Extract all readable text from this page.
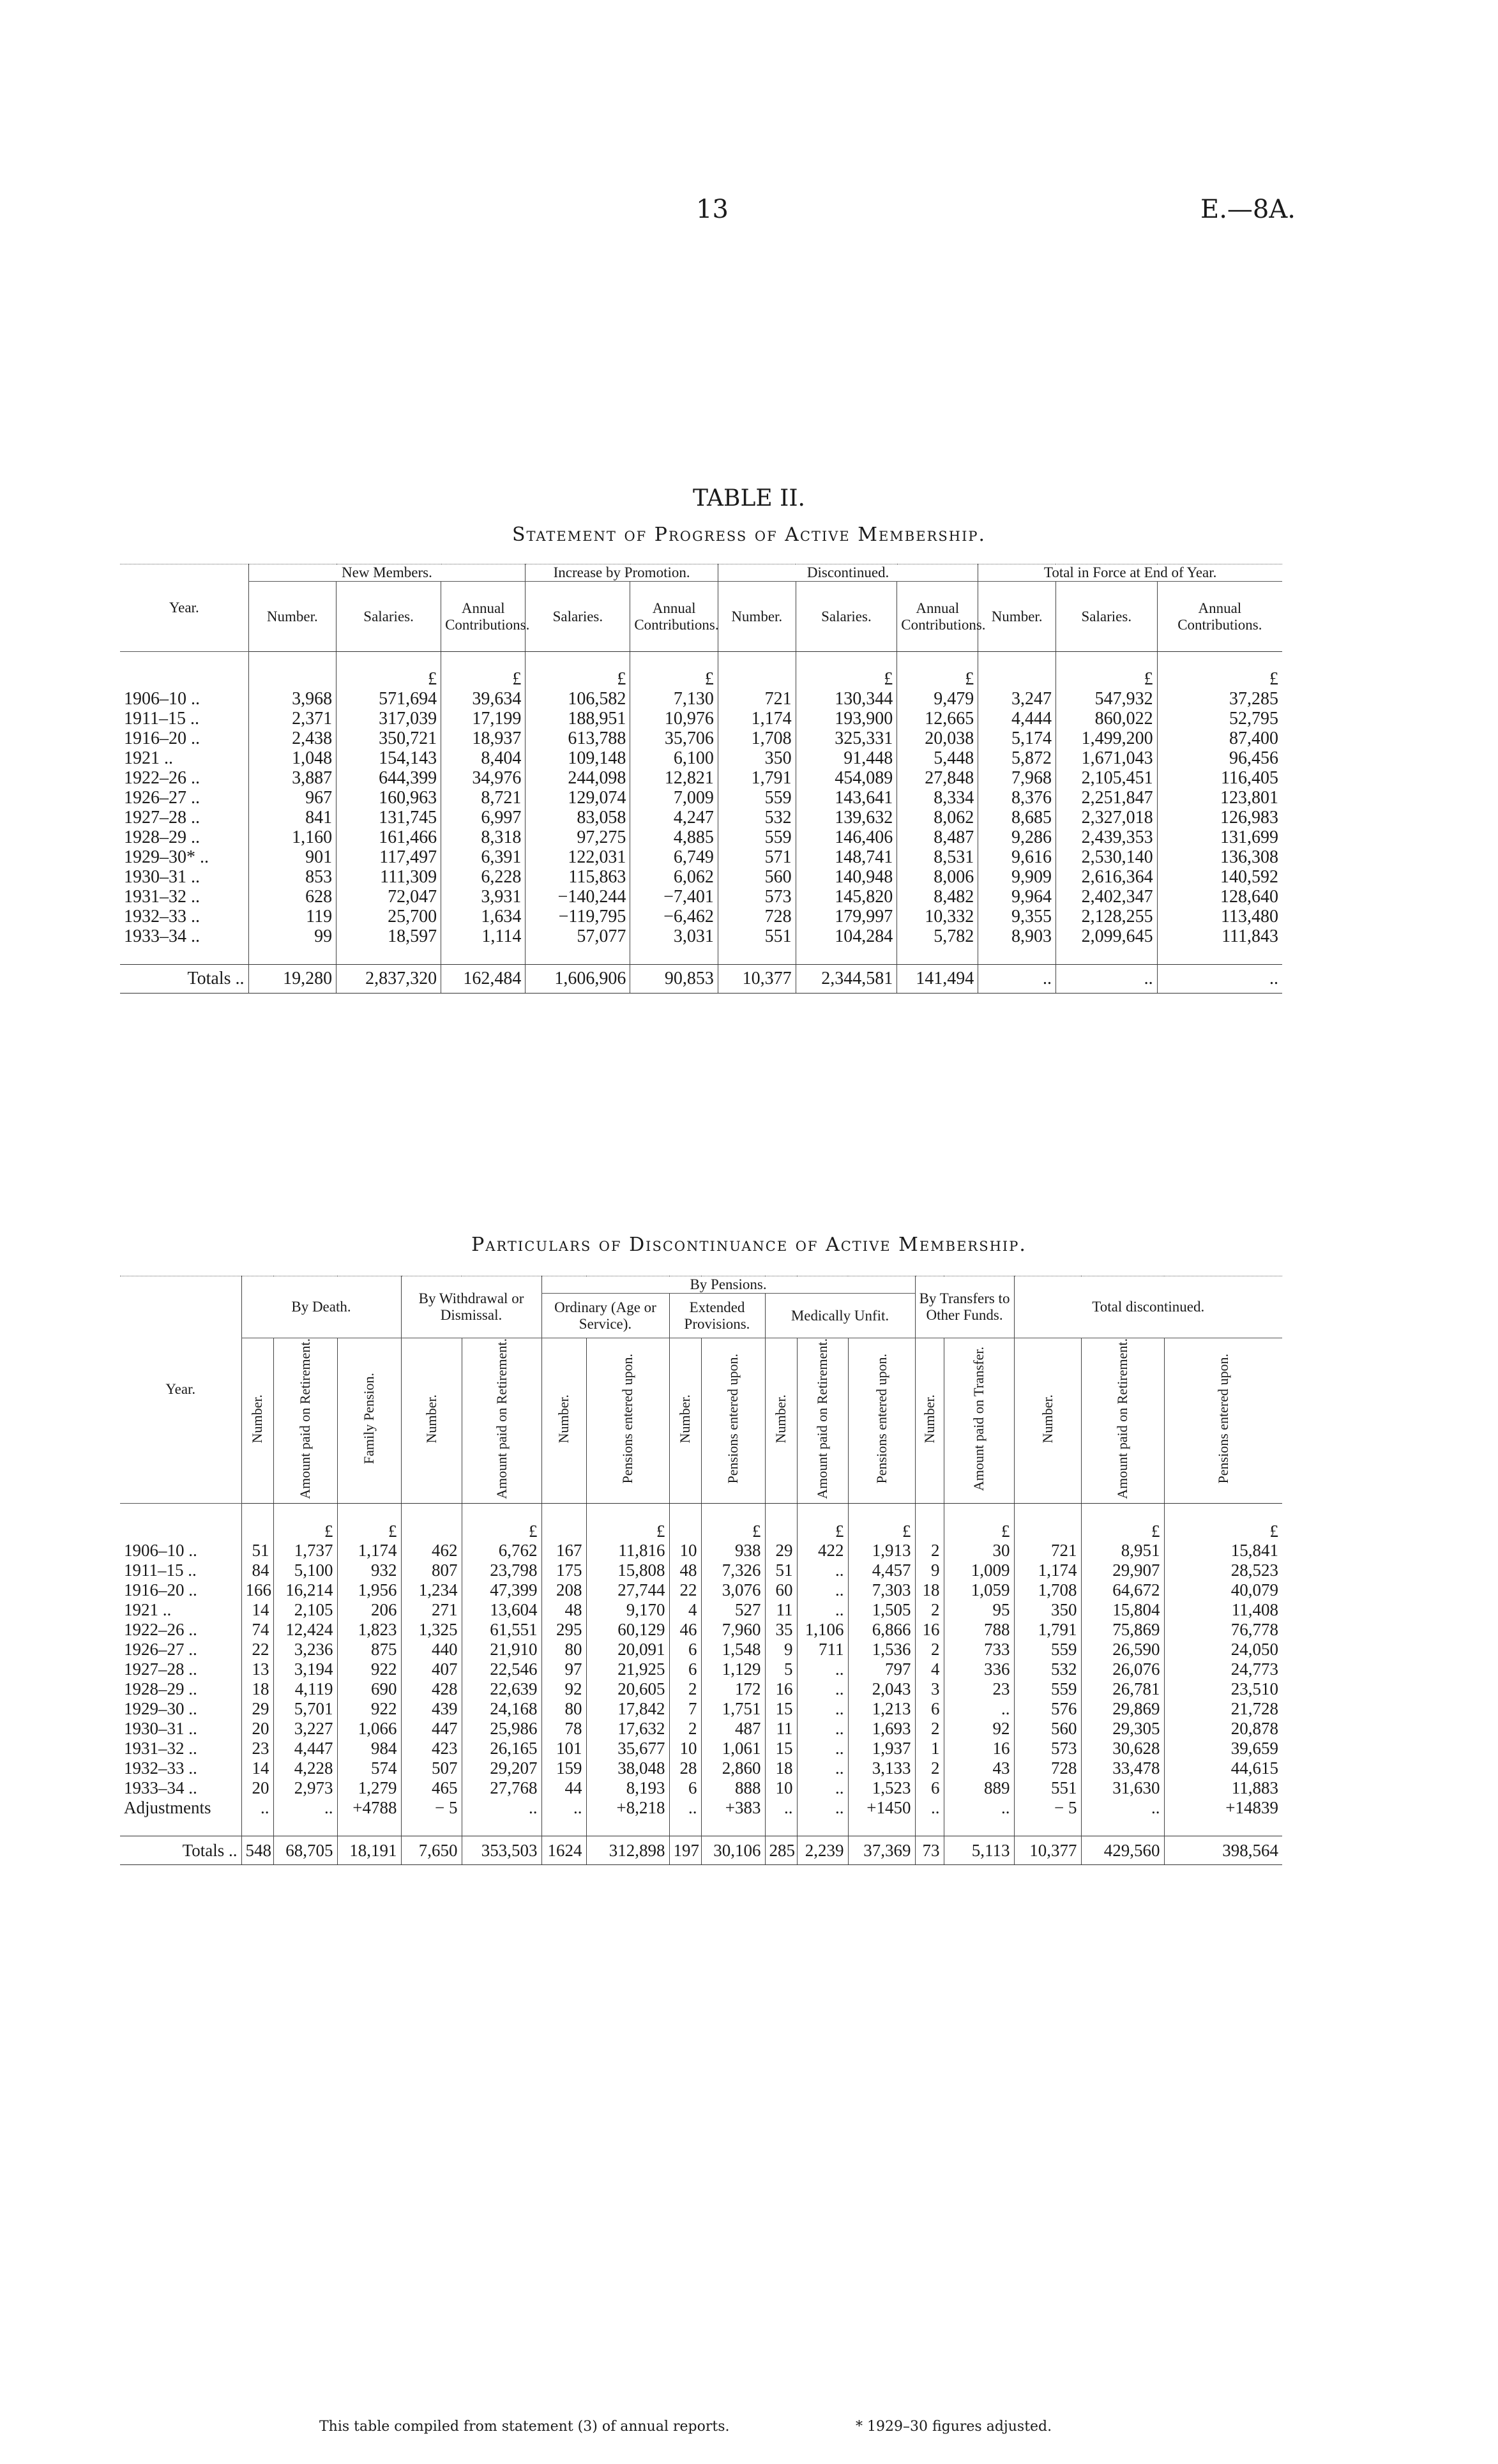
13	E.—8A.
TABLE II.
Statement of Progress of Active Membership.
Year.	New Members.			Increase by Promotion.		Discontinued.			Total in Force at End of Year.		
	Number.	Salaries.	Annual Contributions.	Salaries.	Annual Contributions.	Number.	Salaries.	Annual Contributions.	Number.	Salaries.	Annual Contributions.

		£	£	£	£		£	£		£	£
1906–10 ..	3,968	571,694	39,634	106,582	7,130	721	130,344	9,479	3,247	547,932	37,285
1911–15 ..	2,371	317,039	17,199	188,951	10,976	1,174	193,900	12,665	4,444	860,022	52,795
1916–20 ..	2,438	350,721	18,937	613,788	35,706	1,708	325,331	20,038	5,174	1,499,200	87,400
1921 ..	1,048	154,143	8,404	109,148	6,100	350	91,448	5,448	5,872	1,671,043	96,456
1922–26 ..	3,887	644,399	34,976	244,098	12,821	1,791	454,089	27,848	7,968	2,105,451	116,405
1926–27 ..	967	160,963	8,721	129,074	7,009	559	143,641	8,334	8,376	2,251,847	123,801
1927–28 ..	841	131,745	6,997	83,058	4,247	532	139,632	8,062	8,685	2,327,018	126,983
1928–29 ..	1,160	161,466	8,318	97,275	4,885	559	146,406	8,487	9,286	2,439,353	131,699
1929–30* ..	901	117,497	6,391	122,031	6,749	571	148,741	8,531	9,616	2,530,140	136,308
1930–31 ..	853	111,309	6,228	115,863	6,062	560	140,948	8,006	9,909	2,616,364	140,592
1931–32 ..	628	72,047	3,931	−140,244	−7,401	573	145,820	8,482	9,964	2,402,347	128,640
1932–33 ..	119	25,700	1,634	−119,795	−6,462	728	179,997	10,332	9,355	2,128,255	113,480
1933–34 ..	99	18,597	1,114	57,077	3,031	551	104,284	5,782	8,903	2,099,645	111,843

Totals ..	19,280	2,837,320	162,484	1,606,906	90,853	10,377	2,344,581	141,494	..	..	..
Particulars of Discontinuance of Active Membership.
Year.	By Death.			By Withdrawal or Dismissal.		By Pensions.							By Transfers to Other Funds.		Total discontinued.		
						Ordinary (Age or Service).		Extended Provisions.		Medically Unfit.							
	Number.	Amount paid on Retirement.	Family Pension.	Number.	Amount paid on Retirement.	Number.	Pensions entered upon.	Number.	Pensions entered upon.	Number.	Amount paid on Retirement.	Pensions entered upon.	Number.	Amount paid on Transfer.	Number.	Amount paid on Retirement.	Pensions entered upon.

		£	£		£		£		£		£	£		£		£	£
1906–10 ..	51	1,737	1,174	462	6,762	167	11,816	10	938	29	422	1,913	2	30	721	8,951	15,841
1911–15 ..	84	5,100	932	807	23,798	175	15,808	48	7,326	51	..	4,457	9	1,009	1,174	29,907	28,523
1916–20 ..	166	16,214	1,956	1,234	47,399	208	27,744	22	3,076	60	..	7,303	18	1,059	1,708	64,672	40,079
1921 ..	14	2,105	206	271	13,604	48	9,170	4	527	11	..	1,505	2	95	350	15,804	11,408
1922–26 ..	74	12,424	1,823	1,325	61,551	295	60,129	46	7,960	35	1,106	6,866	16	788	1,791	75,869	76,778
1926–27 ..	22	3,236	875	440	21,910	80	20,091	6	1,548	9	711	1,536	2	733	559	26,590	24,050
1927–28 ..	13	3,194	922	407	22,546	97	21,925	6	1,129	5	..	797	4	336	532	26,076	24,773
1928–29 ..	18	4,119	690	428	22,639	92	20,605	2	172	16	..	2,043	3	23	559	26,781	23,510
1929–30 ..	29	5,701	922	439	24,168	80	17,842	7	1,751	15	..	1,213	6	..	576	29,869	21,728
1930–31 ..	20	3,227	1,066	447	25,986	78	17,632	2	487	11	..	1,693	2	92	560	29,305	20,878
1931–32 ..	23	4,447	984	423	26,165	101	35,677	10	1,061	15	..	1,937	1	16	573	30,628	39,659
1932–33 ..	14	4,228	574	507	29,207	159	38,048	28	2,860	18	..	3,133	2	43	728	33,478	44,615
1933–34 ..	20	2,973	1,279	465	27,768	44	8,193	6	888	10	..	1,523	6	889	551	31,630	11,883
Adjustments	..	..	+4788	− 5	..	..	+8,218	..	+383	..	..	+1450	..	..	− 5	..	+14839

Totals ..	548	68,705	18,191	7,650	353,503	1624	312,898	197	30,106	285	2,239	37,369	73	5,113	10,377	429,560	398,564
This table compiled from statement (3) of annual reports.	* 1929–30 figures adjusted.
